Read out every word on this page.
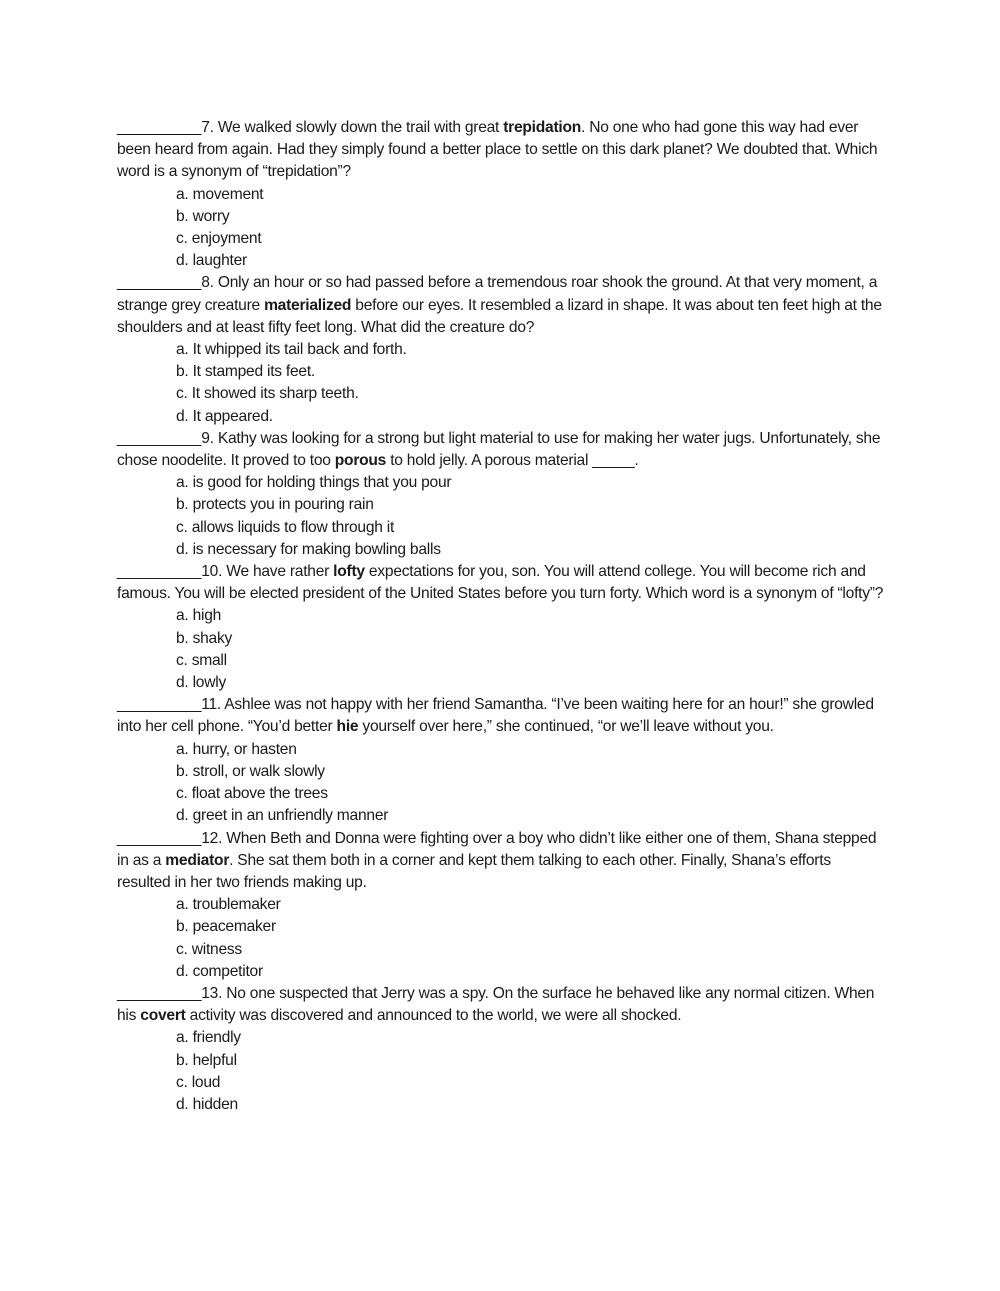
__________7. We walked slowly down the trail with great trepidation. No one who had gone this way had ever been heard from again. Had they simply found a better place to settle on this dark planet? We doubted that. Which word is a synonym of “trepidation”?

a. movement
b. worry
c. enjoyment
d. laughter

__________8. Only an hour or so had passed before a tremendous roar shook the ground. At that very moment, a strange grey creature materialized before our eyes. It resembled a lizard in shape. It was about ten feet high at the shoulders and at least fifty feet long. What did the creature do?

a. It whipped its tail back and forth.
b. It stamped its feet.
c. It showed its sharp teeth.
d. It appeared.

__________9. Kathy was looking for a strong but light material to use for making her water jugs. Unfortunately, she chose noodelite. It proved to too porous to hold jelly. A porous material _____.

a. is good for holding things that you pour
b. protects you in pouring rain
c. allows liquids to flow through it
d. is necessary for making bowling balls

__________10. We have rather lofty expectations for you, son. You will attend college. You will become rich and famous. You will be elected president of the United States before you turn forty. Which word is a synonym of “lofty”?

a. high
b. shaky
c. small
d. lowly

__________11. Ashlee was not happy with her friend Samantha. “I’ve been waiting here for an hour!” she growled into her cell phone. “You’d better hie yourself over here,” she continued, “or we’ll leave without you.

a. hurry, or hasten
b. stroll, or walk slowly
c. float above the trees
d. greet in an unfriendly manner

__________12. When Beth and Donna were fighting over a boy who didn’t like either one of them, Shana stepped in as a mediator. She sat them both in a corner and kept them talking to each other. Finally, Shana’s efforts resulted in her two friends making up.

a. troublemaker
b. peacemaker
c. witness
d. competitor

__________13. No one suspected that Jerry was a spy. On the surface he behaved like any normal citizen. When his covert activity was discovered and announced to the world, we were all shocked.

a. friendly
b. helpful
c. loud
d. hidden
